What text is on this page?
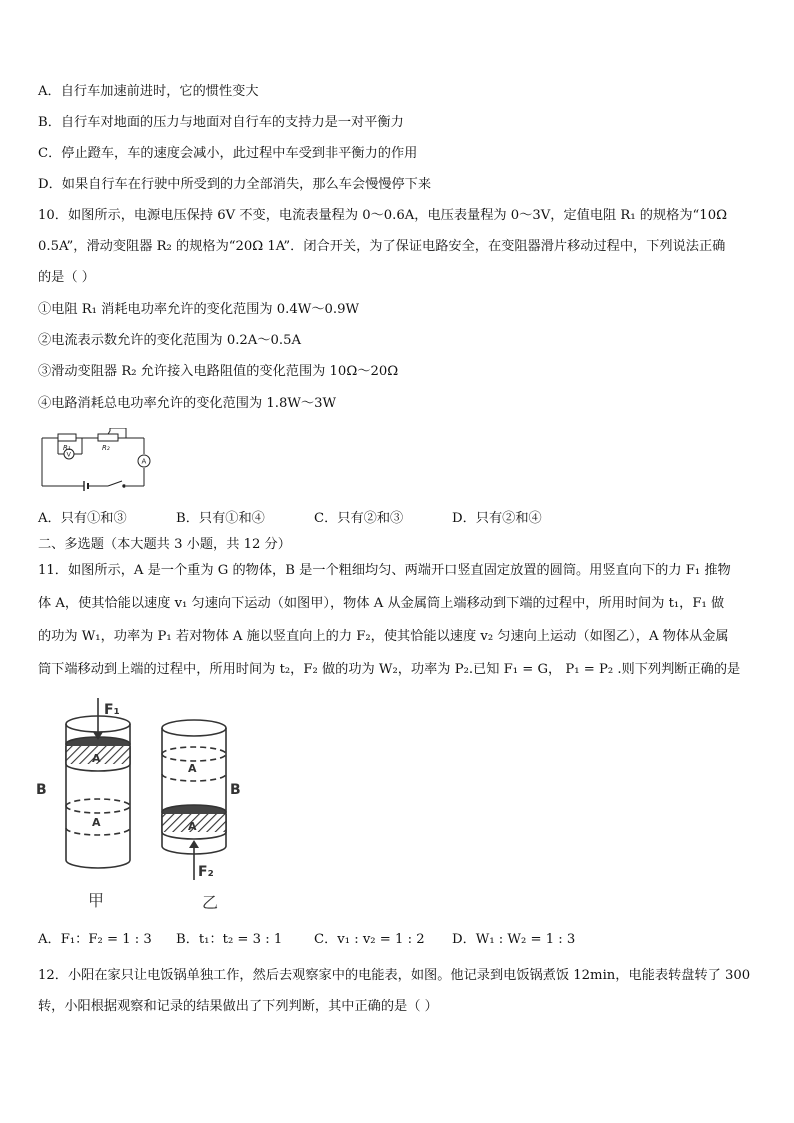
A．自行车加速前进时，它的惯性变大
B．自行车对地面的压力与地面对自行车的支持力是一对平衡力
C．停止蹬车，车的速度会减小，此过程中车受到非平衡力的作用
D．如果自行车在行驶中所受到的力全部消失，那么车会慢慢停下来
10．如图所示，电源电压保持 6V 不变，电流表量程为 0～0.6A，电压表量程为 0～3V，定值电阻 R₁ 的规格为“10Ω
0.5A”，滑动变阻器 R₂ 的规格为“20Ω 1A”．闭合开关，为了保证电路安全，在变阻器滑片移动过程中，下列说法正确
的是（ ）
①电阻 R₁ 消耗电功率允许的变化范围为 0.4W～0.9W
②电流表示数允许的变化范围为 0.2A～0.5A
③滑动变阻器 R₂ 允许接入电路阻值的变化范围为 10Ω～20Ω
④电路消耗总电功率允许的变化范围为 1.8W～3W
R₁	R₂
V
A
A．只有①和③	B．只有①和④	C．只有②和③	D．只有②和④
二、多选题（本大题共 3 小题，共 12 分）
11．如图所示，A 是一个重为 G 的物体，B 是一个粗细均匀、两端开口竖直固定放置的圆筒。用竖直向下的力 F₁ 推物
体 A，使其恰能以速度 v₁ 匀速向下运动（如图甲），物体 A 从金属筒上端移动到下端的过程中，所用时间为 t₁，F₁ 做
的功为 W₁，功率为 P₁ 若对物体 A 施以竖直向上的力 F₂，使其恰能以速度 v₂ 匀速向上运动（如图乙），A 物体从金属
筒下端移动到上端的过程中，所用时间为 t₂，F₂ 做的功为 W₂，功率为 P₂.已知 F₁ = G， P₁ = P₂ .则下列判断正确的是
F₁
F₂
B	B
A
A
A
A
甲	乙
A．F₁：F₂ = 1 : 3	B．t₁：t₂ = 3 : 1	C．v₁ : v₂ = 1 : 2	D．W₁ : W₂ = 1 : 3
12．小阳在家只让电饭锅单独工作，然后去观察家中的电能表，如图。他记录到电饭锅煮饭 12min，电能表转盘转了 300
转，小阳根据观察和记录的结果做出了下列判断，其中正确的是（ ）
